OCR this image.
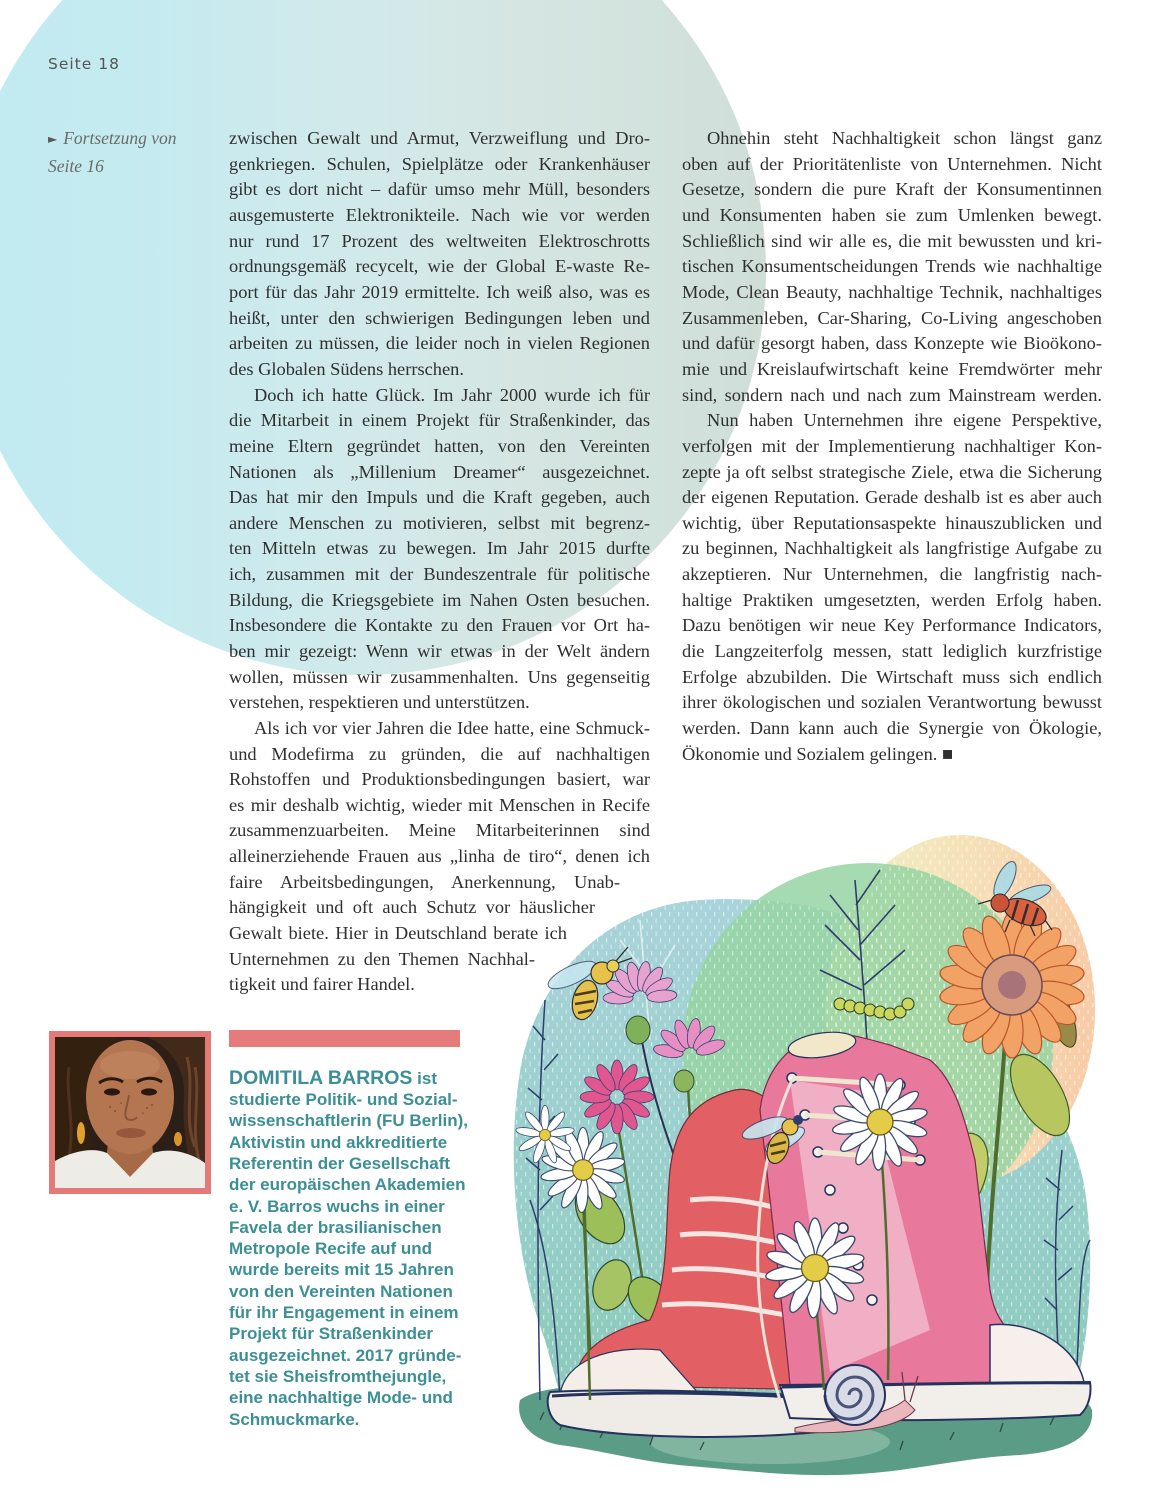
Seite 18
► Fortsetzung von
Seite 16
zwischen Gewalt und Armut, Verzweiflung und Dro-
genkriegen. Schulen, Spielplätze oder Krankenhäuser
gibt es dort nicht – dafür umso mehr Müll, besonders
ausgemusterte Elektronikteile. Nach wie vor werden
nur rund 17 Prozent des weltweiten Elektroschrotts
ordnungsgemäß recycelt, wie der Global E-waste Re-
port für das Jahr 2019 ermittelte. Ich weiß also, was es
heißt, unter den schwierigen Bedingungen leben und
arbeiten zu müssen, die leider noch in vielen Regionen
des Globalen Südens herrschen.
Doch ich hatte Glück. Im Jahr 2000 wurde ich für
die Mitarbeit in einem Projekt für Straßenkinder, das
meine Eltern gegründet hatten, von den Vereinten
Nationen als „Millenium Dreamer“ ausgezeichnet.
Das hat mir den Impuls und die Kraft gegeben, auch
andere Menschen zu motivieren, selbst mit begrenz-
ten Mitteln etwas zu bewegen. Im Jahr 2015 durfte
ich, zusammen mit der Bundeszentrale für politische
Bildung, die Kriegsgebiete im Nahen Osten besuchen.
Insbesondere die Kontakte zu den Frauen vor Ort ha-
ben mir gezeigt: Wenn wir etwas in der Welt ändern
wollen, müssen wir zusammenhalten. Uns gegenseitig
verstehen, respektieren und unterstützen.
Als ich vor vier Jahren die Idee hatte, eine Schmuck-
und Modefirma zu gründen, die auf nachhaltigen
Rohstoffen und Produktionsbedingungen basiert, war
es mir deshalb wichtig, wieder mit Menschen in Recife
zusammenzuarbeiten. Meine Mitarbeiterinnen sind
alleinerziehende Frauen aus „linha de tiro“, denen ich
faire Arbeitsbedingungen, Anerkennung, Unab-
hängigkeit und oft auch Schutz vor häuslicher
Gewalt biete. Hier in Deutschland berate ich
Unternehmen zu den Themen Nachhal-
tigkeit und fairer Handel.
Ohnehin steht Nachhaltigkeit schon längst ganz
oben auf der Prioritätenliste von Unternehmen. Nicht
Gesetze, sondern die pure Kraft der Konsumentinnen
und Konsumenten haben sie zum Umlenken bewegt.
Schließlich sind wir alle es, die mit bewussten und kri-
tischen Konsumentscheidungen Trends wie nachhaltige
Mode, Clean Beauty, nachhaltige Technik, nachhaltiges
Zusammenleben, Car-Sharing, Co-Living angeschoben
und dafür gesorgt haben, dass Konzepte wie Bioökono-
mie und Kreislaufwirtschaft keine Fremdwörter mehr
sind, sondern nach und nach zum Mainstream werden.
Nun haben Unternehmen ihre eigene Perspektive,
verfolgen mit der Implementierung nachhaltiger Kon-
zepte ja oft selbst strategische Ziele, etwa die Sicherung
der eigenen Reputation. Gerade deshalb ist es aber auch
wichtig, über Reputationsaspekte hinauszublicken und
zu beginnen, Nachhaltigkeit als langfristige Aufgabe zu
akzeptieren. Nur Unternehmen, die langfristig nach-
haltige Praktiken umgesetzten, werden Erfolg haben.
Dazu benötigen wir neue Key Performance Indicators,
die Langzeiterfolg messen, statt lediglich kurzfristige
Erfolge abzubilden. Die Wirtschaft muss sich endlich
ihrer ökologischen und sozialen Verantwortung bewusst
werden. Dann kann auch die Synergie von Ökologie,
Ökonomie und Sozialem gelingen. ■
DOMITILA BARROS ist
studierte Politik- und Sozial-
wissenschaftlerin (FU Berlin),
Aktivistin und akkreditierte
Referentin der Gesellschaft
der europäischen Akademien
e. V. Barros wuchs in einer
Favela der brasilianischen
Metropole Recife auf und
wurde bereits mit 15 Jahren
von den Vereinten Nationen
für ihr Engagement in einem
Projekt für Straßenkinder
ausgezeichnet. 2017 gründe-
tet sie Sheisfromthejungle,
eine nachhaltige Mode- und
Schmuckmarke.
